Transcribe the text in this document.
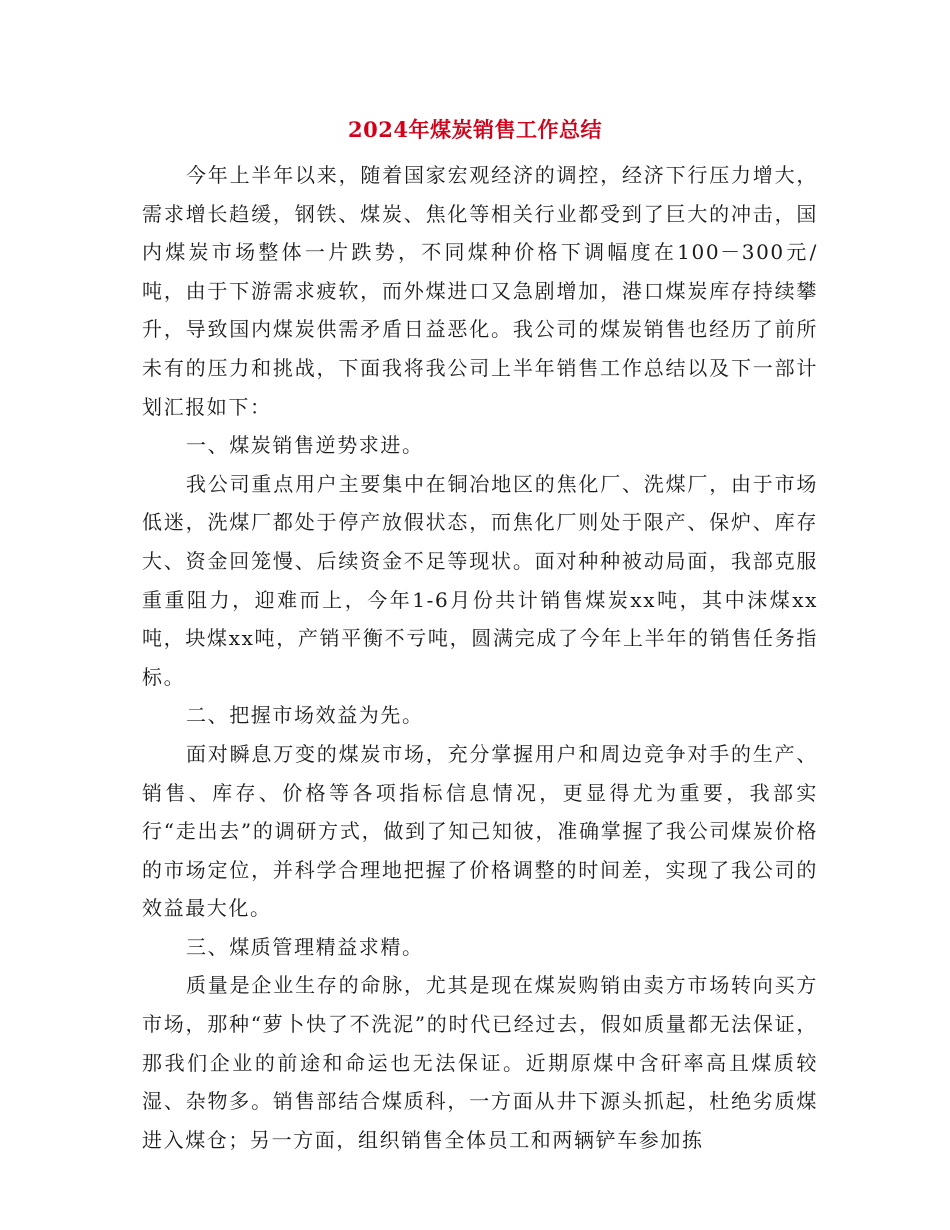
2024年煤炭销售工作总结

今年上半年以来，随着国家宏观经济的调控，经济下行压力增大，需求增长趋缓，钢铁、煤炭、焦化等相关行业都受到了巨大的冲击，国内煤炭市场整体一片跌势，不同煤种价格下调幅度在100－300元/吨，由于下游需求疲软，而外煤进口又急剧增加，港口煤炭库存持续攀升，导致国内煤炭供需矛盾日益恶化。我公司的煤炭销售也经历了前所未有的压力和挑战，下面我将我公司上半年销售工作总结以及下一部计划汇报如下：

一、煤炭销售逆势求进。

我公司重点用户主要集中在铜冶地区的焦化厂、洗煤厂，由于市场低迷，洗煤厂都处于停产放假状态，而焦化厂则处于限产、保炉、库存大、资金回笼慢、后续资金不足等现状。面对种种被动局面，我部克服重重阻力，迎难而上，今年1-6月份共计销售煤炭xx吨，其中沫煤xx吨，块煤xx吨，产销平衡不亏吨，圆满完成了今年上半年的销售任务指标。

二、把握市场效益为先。

面对瞬息万变的煤炭市场，充分掌握用户和周边竞争对手的生产、销售、库存、价格等各项指标信息情况，更显得尤为重要，我部实行“走出去”的调研方式，做到了知己知彼，准确掌握了我公司煤炭价格的市场定位，并科学合理地把握了价格调整的时间差，实现了我公司的效益最大化。

三、煤质管理精益求精。

质量是企业生存的命脉，尤其是现在煤炭购销由卖方市场转向买方市场，那种“萝卜快了不洗泥”的时代已经过去，假如质量都无法保证，那我们企业的前途和命运也无法保证。近期原煤中含矸率高且煤质较湿、杂物多。销售部结合煤质科，一方面从井下源头抓起，杜绝劣质煤进入煤仓；另一方面，组织销售全体员工和两辆铲车参加拣
